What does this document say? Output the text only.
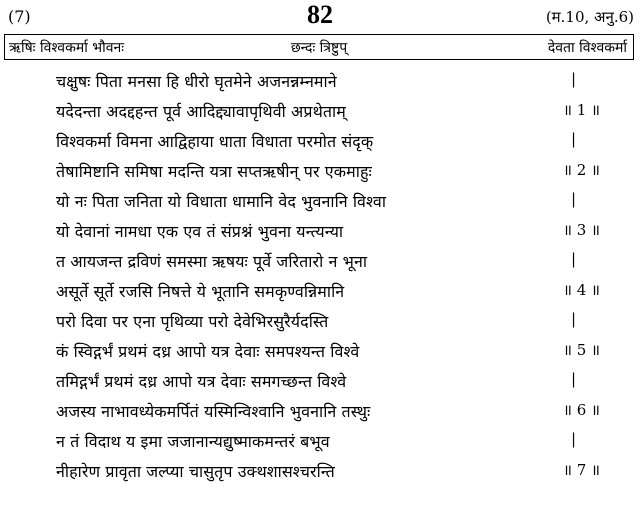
(7)	82	(म.10, अनु.6)
ऋषिः विश्वकर्मा भौवनः	छन्दः त्रिष्टुप्	देवता विश्वकर्मा
चक्षुषः पिता मनसा हि धीरो घृतमेने अजनन्नम्नमाने	|
यदेदन्ता अदद्दहन्त पूर्व आदिद्द्यावापृथिवी अप्रथेताम्	॥ 1 ॥
विश्वकर्मा विमना आद्विहाया धाता विधाता परमोत संदृक्	|
तेषामिष्टानि समिषा मदन्ति यत्रा सप्तऋषीन् पर एकमाहुः	॥ 2 ॥
यो नः पिता जनिता यो विधाता धामानि वेद भुवनानि विश्वा	|
यो देवानां नामधा एक एव तं संप्रश्नं भुवना यन्त्यन्या	॥ 3 ॥
त आयजन्त द्रविणं समस्मा ऋषयः पूर्वे जरितारो न भूना	|
असूर्ते सूर्ते रजसि निषत्ते ये भूतानि समकृण्वन्निमानि	॥ 4 ॥
परो दिवा पर एना पृथिव्या परो देवेभिरसुरैर्यदस्ति	|
कं स्विद्गर्भं प्रथमं दध्र आपो यत्र देवाः समपश्यन्त विश्वे	॥ 5 ॥
तमिद्गर्भं प्रथमं दध्र आपो यत्र देवाः समगच्छन्त विश्वे	|
अजस्य नाभावध्येकमर्पितं यस्मिन्विश्वानि भुवनानि तस्थुः	॥ 6 ॥
न तं विदाथ य इमा जजानान्यद्युष्माकमन्तरं बभूव	|
नीहारेण प्रावृता जल्प्या चासुतृप उक्थशासश्चरन्ति	॥ 7 ॥
